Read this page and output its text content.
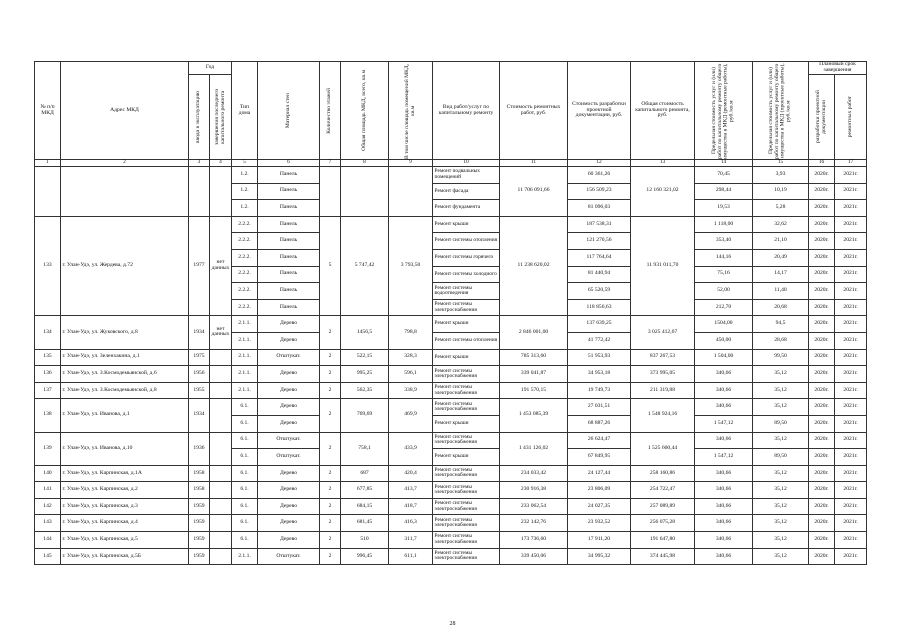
№ п/п МКД	Адрес МКД	Год		Тип дома	Материал стен	Количество этажей	Общая площадь МКД, всего, кв.м	В том числе площадь помещений МКД, кв.м	Вид работ/услуг по капитальному ремонту	Стоимость ремонтных работ, руб.	Стоимость разработки проектной документации, руб.	Общая стоимость капитального ремонта, руб.	Предельная стоимость услуг и (или) работ по капитальному ремонту общего имущества в МКД (ремонтные работы), руб./кв.м	Предельная стоимость услуг и (или) работ по капитальному ремонту общего имущества в МКД (проектные работы), руб./кв.м	Плановый срок завершения	

		ввода в эксплуатацию	завершения последнего капитального ремонта												разработки проектной документации	ремонтных работ

1	2	3	4	5	6	7	8	9	10	11	12	13	14	15	16	17
				1.2.	Панель				Ремонт подвальных помещений	11 706 091,66	60 361,26	12 160 321,02	70,45	3,93	2020г.	2021г.
				1.2.	Панель				Ремонт фасада		156 509,23		298,44	10,19	2020г.	2021г.
				1.2.	Панель				Ремонт фундамента		81 096,03		19,53	5,28	2020г.	2021г.
133	г. Улан-Удэ, ул. Жердева, д.72	1977	нет данных	2.2.2.	Панель	5	5 747,42	3 793,50	Ремонт крыши	11 238 620,02	187 538,31	11 931 011,70	1 118,00	32,62	2020г.	2021г.
				2.2.2.	Панель				Ремонт системы отопления		121 270,56		353,40	21,10	2020г.	2021г.
				2.2.2.	Панель				Ремонт системы горячего		117 764,64		144,16	20,49	2020г.	2021г.
				2.2.2.	Панель				Ремонт системы холодного		81 440,94		75,16	14,17	2020г.	2021г.
				2.2.2.	Панель				Ремонт системы водоотведения		65 520,59		52,00	11,40	2020г.	2021г.
				2.2.2.	Панель				Ремонт системы электроснабжения		118 856,63		212,70	20,68	2020г.	2021г.
134	г. Улан-Удэ, ул. Жуковского, д.8	1934	нет данных	2.1.1.	Дерево	2	1456,5	798,8	Ремонт крыши	2 846 001,00	137 639,25	3 025 412,67	1504,00	94,5	2020г.	2021г.
				2.1.1.	Дерево				Ремонт системы отопления		41 772,42		450,00	28,68	2020г.	2021г.
135	г. Улан-Удэ, ул. Зеленхакина, д.1	1975		2.1.1.	Отштукат.	2	522,15	328,3	Ремонт крыши	785 313,60	51 953,93	837 267,53	1 504,00	99,50	2020г.	2021г.
136	г. Улан-Удэ, ул. З.Космодемьянской, д.6	1956		2.1.1.	Дерево	2	995,25	596,1	Ремонт системы электроснабжения	339 041,87	34 953,18	373 995,05	340,66	35,12	2020г.	2021г.
137	г. Улан-Удэ, ул. З.Космодемьянской, д.8	1955		2.1.1.	Дерево	2	562,35	338,9	Ремонт системы электроснабжения	191 570,15	19 749,73	211 319,88	340,66	35,12	2020г.	2021г.
138	г. Улан-Удэ, ул. Иванова, д.1	1934		6.1.	Дерево	2	769,69	469,9	Ремонт системы электроснабжения	1 453 085,39	27 031,51	1 548 924,16	340,66	35,12	2020г.	2021г.
				6.1.	Дерево				Ремонт крыши		68 887,26		1 547,12	89,50	2020г.	2021г.
139	г. Улан-Удэ, ул. Иванова, д.10	1936		6.1.	Отштукат.	2	758,1	433,9	Ремонт системы электроснабжения	1 431 126,02	26 624,47	1 525 600,44	340,66	35,12	2020г.	2021г.
				6.1.	Отштукат.				Ремонт крыши		67 849,95		1 547,12	89,50	2020г.	2021г.
140	г. Улан-Удэ, ул. Карпинская, д.1А	1958		6.1.	Дерево	2	687	420,4	Ремонт системы электроснабжения	234 033,42	24 127,44	258 160,86	340,66	35,12	2020г.	2021г.
141	г. Улан-Удэ, ул. Карпинская, д.2	1958		6.1.	Дерево	2	677,85	413,7	Ремонт системы электроснабжения	230 916,38	23 806,09	254 722,47	340,66	35,12	2020г.	2021г.
142	г. Улан-Удэ, ул. Карпинская, д.3	1959		6.1.	Дерево	2	684,15	418,7	Ремонт системы электроснабжения	233 062,54	24 027,35	257 089,89	340,66	35,12	2020г.	2021г.
143	г. Улан-Удэ, ул. Карпинская, д.4	1959		6.1.	Дерево	2	681,45	416,3	Ремонт системы электроснабжения	232 142,76	23 932,52	256 075,28	340,66	35,12	2020г.	2021г.
144	г. Улан-Удэ, ул. Карпинская, д.5	1959		6.1.	Дерево	2	510	311,7	Ремонт системы электроснабжения	173 736,60	17 911,20	191 647,80	340,66	35,12	2020г.	2021г.
145	г. Улан-Удэ, ул. Карпинская, д.5Б	1959		2.1.1.	Отштукат.	2	996,45	611,1	Ремонт системы электроснабжения	339 450,06	34 995,32	374 445,98	340,66	35,12	2020г.	2021г.
28
